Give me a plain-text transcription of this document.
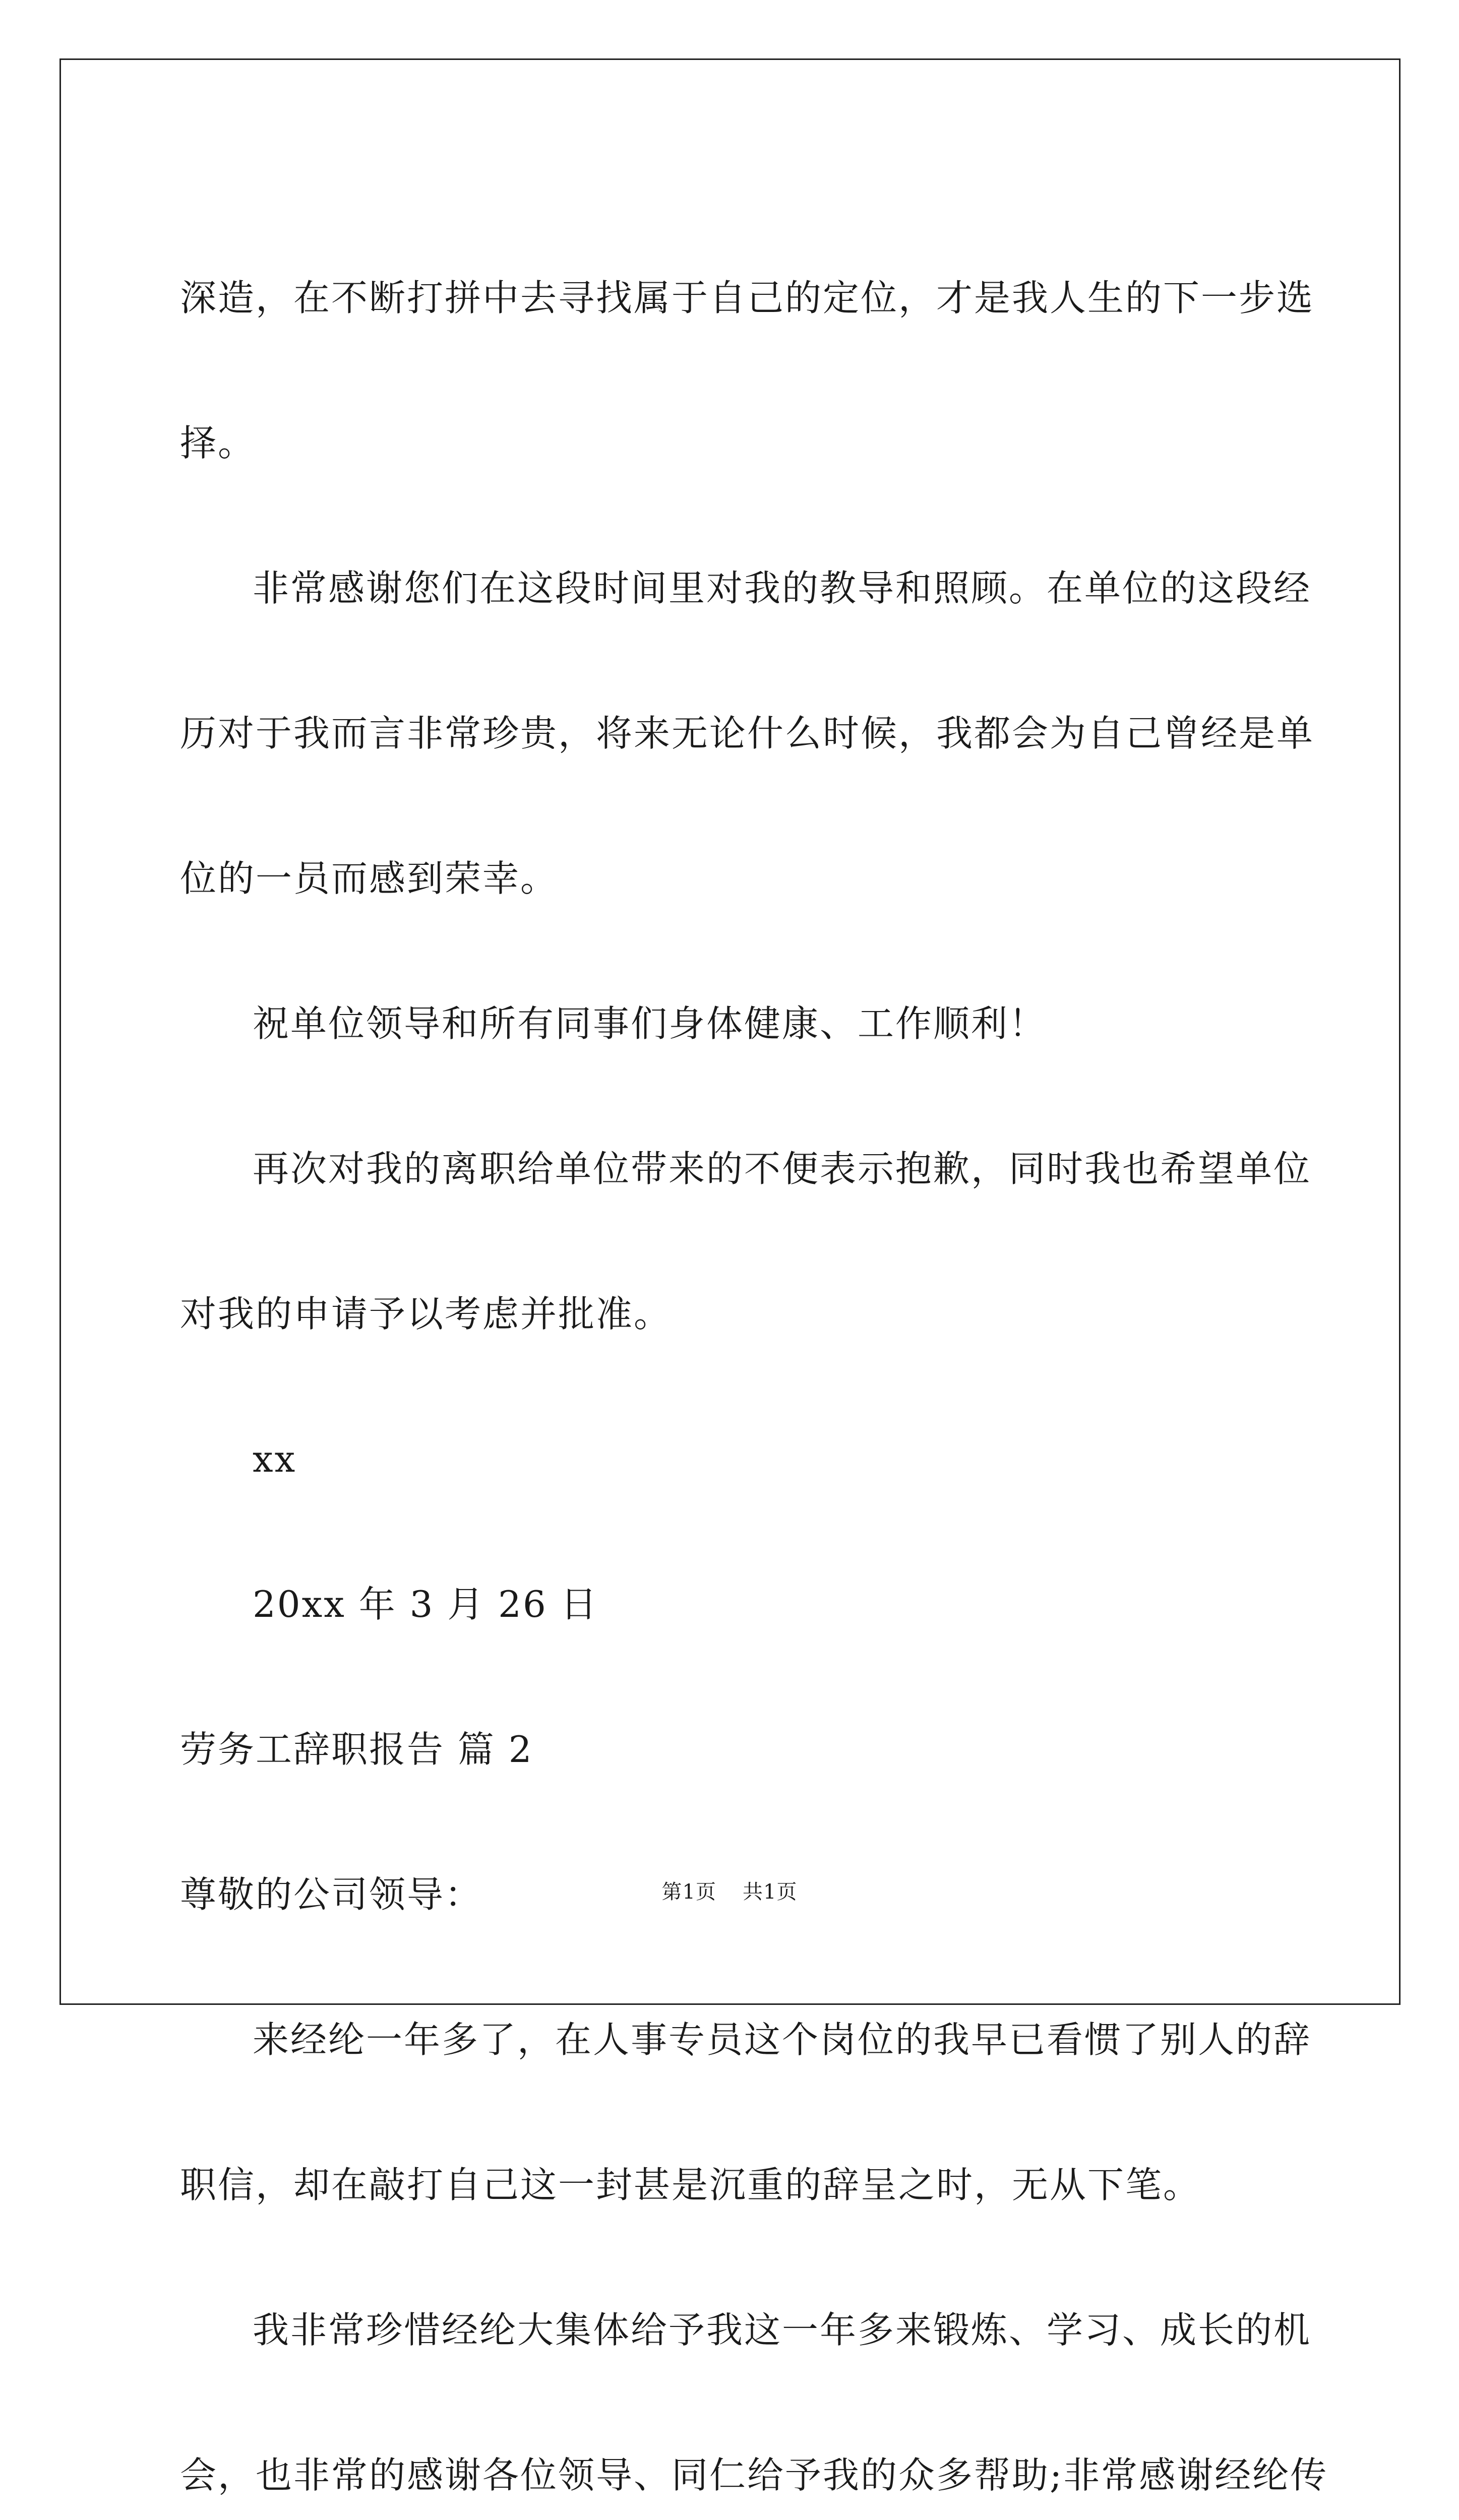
深造，在不断打拼中去寻找属于自己的定位，才是我人生的下一步选

择。

非常感谢您们在这段时间里对我的教导和照顾。在单位的这段经

历对于我而言非常珍贵，将来无论什么时候，我都会为自己曾经是单

位的一员而感到荣幸。

祝单位领导和所有同事们身体健康、工作顺利！

再次对我的离职给单位带来的不便表示抱歉，同时我也希望单位

对我的申请予以考虑并批准。

xx

20xx 年 3 月 26 日

劳务工辞职报告 篇 2

尊敬的公司领导：

来经纶一年多了，在人事专员这个岗位的我早已看惯了别人的辞

职信，却在敲打自己这一封甚是沉重的辞呈之时，无从下笔。

我非常珍惜经纶大集体给予我这一年多来锻炼、学习、成长的机

会，也非常的感谢各位领导、同仁给予我的众多帮助;非常感谢经纶传

第1页 共1页
